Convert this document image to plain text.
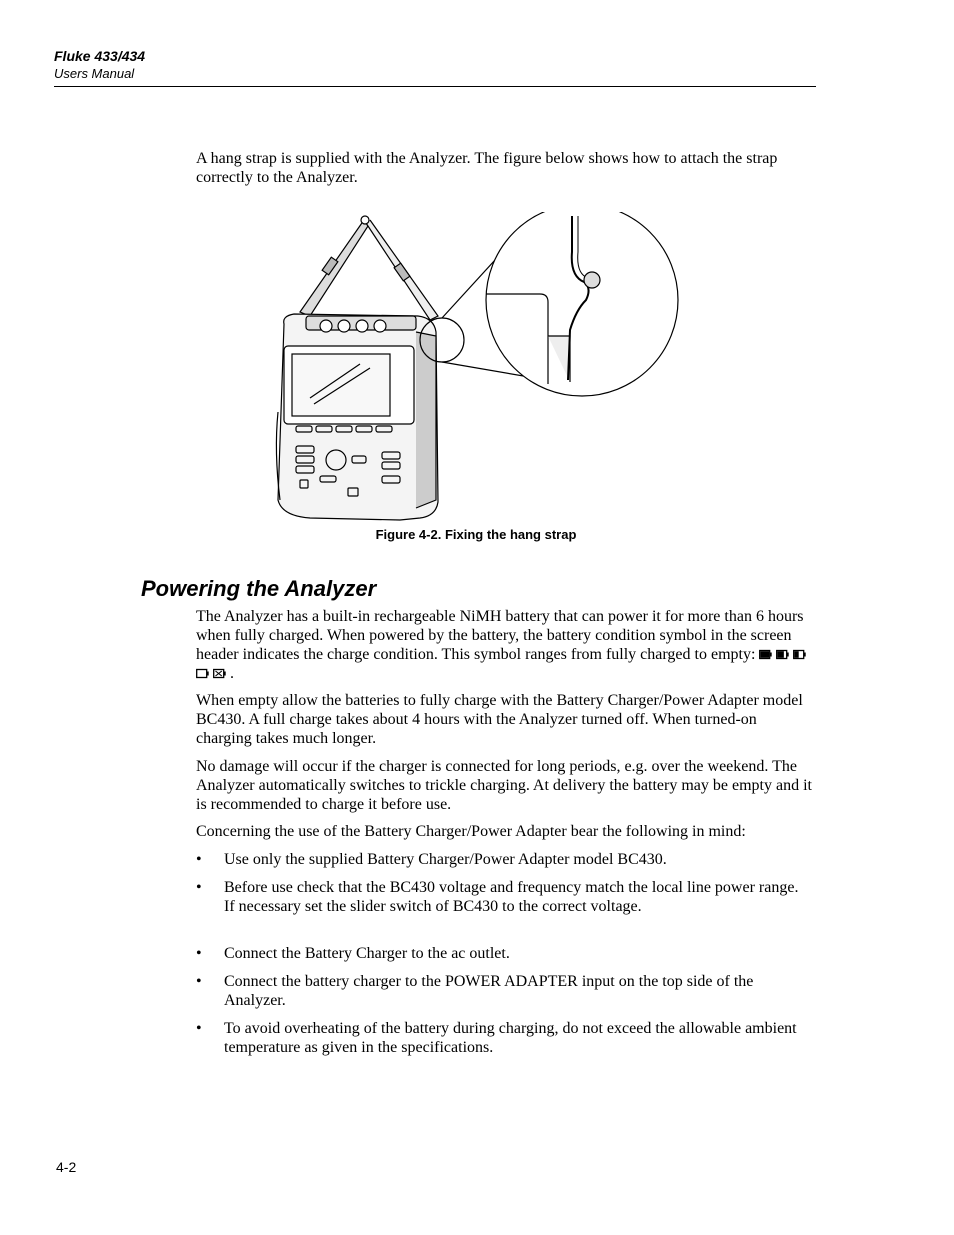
Fluke 433/434
Users Manual

A hang strap is supplied with the Analyzer. The figure below shows how to attach the strap correctly to the Analyzer.

Figure 4-2. Fixing the hang strap
Powering the Analyzer

The Analyzer has a built-in rechargeable NiMH battery that can power it for more than 6 hours when fully charged. When powered by the battery, the battery condition symbol in the screen header indicates the charge condition. This symbol ranges from fully charged to empty: .

When empty allow the batteries to fully charge with the Battery Charger/Power Adapter model BC430. A full charge takes about 4 hours with the Analyzer turned off. When turned-on charging takes much longer.

No damage will occur if the charger is connected for long periods, e.g. over the weekend. The Analyzer automatically switches to trickle charging. At delivery the battery may be empty and it is recommended to charge it before use.

Concerning the use of the Battery Charger/Power Adapter bear the following in mind:

• Use only the supplied Battery Charger/Power Adapter model BC430.
• Before use check that the BC430 voltage and frequency match the local line power range.
If necessary set the slider switch of BC430 to the correct voltage.
• Connect the Battery Charger to the ac outlet.
• Connect the battery charger to the POWER ADAPTER input on the top side of the Analyzer.
• To avoid overheating of the battery during charging, do not exceed the allowable ambient temperature as given in the specifications.
4-2
